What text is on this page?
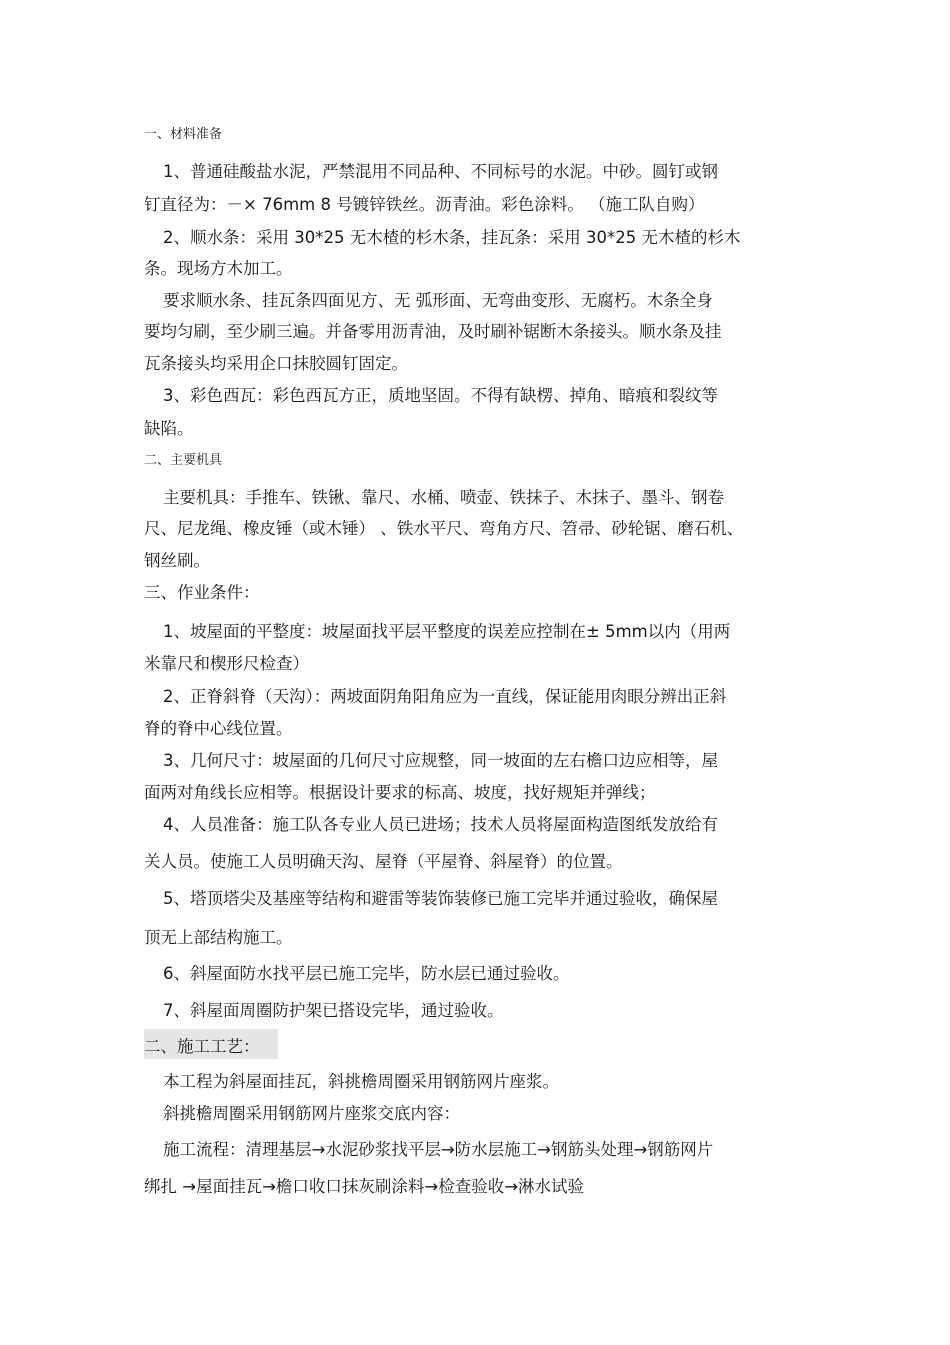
一、材料准备
1、普通硅酸盐水泥，严禁混用不同品种、不同标号的水泥。中砂。圆钉或钢
钉直径为：－× 76mm 8 号镀锌铁丝。沥青油。彩色涂料。 （施工队自购）
2、顺水条：采用 30*25 无木楂的杉木条，挂瓦条：采用 30*25 无木楂的杉木
条。现场方木加工。
要求顺水条、挂瓦条四面见方、无 弧形面、无弯曲变形、无腐朽。木条全身
要均匀刷，至少刷三遍。并备零用沥青油，及时刷补锯断木条接头。顺水条及挂
瓦条接头均采用企口抹胶圆钉固定。
3、彩色西瓦：彩色西瓦方正，质地坚固。不得有缺楞、掉角、暗痕和裂纹等
缺陷。
二、主要机具
主要机具：手推车、铁锹、靠尺、水桶、喷壶、铁抹子、木抹子、墨斗、钢卷
尺、尼龙绳、橡皮锤（或木锤） 、铁水平尺、弯角方尺、笤帚、砂轮锯、磨石机、
钢丝刷。
三、作业条件：
1、坡屋面的平整度：坡屋面找平层平整度的误差应控制在± 5mm以内（用两
米靠尺和楔形尺检查）
2、正脊斜脊（天沟）：两坡面阴角阳角应为一直线，保证能用肉眼分辨出正斜
脊的脊中心线位置。
3、几何尺寸：坡屋面的几何尺寸应规整，同一坡面的左右檐口边应相等，屋
面两对角线长应相等。根据设计要求的标高、坡度，找好规矩并弹线；
4、人员准备：施工队各专业人员已进场；技术人员将屋面构造图纸发放给有
关人员。使施工人员明确天沟、屋脊（平屋脊、斜屋脊）的位置。
5、塔顶塔尖及基座等结构和避雷等装饰装修已施工完毕并通过验收，确保屋
顶无上部结构施工。
6、斜屋面防水找平层已施工完毕，防水层已通过验收。
7、斜屋面周圈防护架已搭设完毕，通过验收。
二、施工工艺：
本工程为斜屋面挂瓦，斜挑檐周圈采用钢筋网片座浆。
斜挑檐周圈采用钢筋网片座浆交底内容：
施工流程：清理基层→水泥砂浆找平层→防水层施工→钢筋头处理→钢筋网片
绑扎 →屋面挂瓦→檐口收口抹灰刷涂料→检查验收→淋水试验
